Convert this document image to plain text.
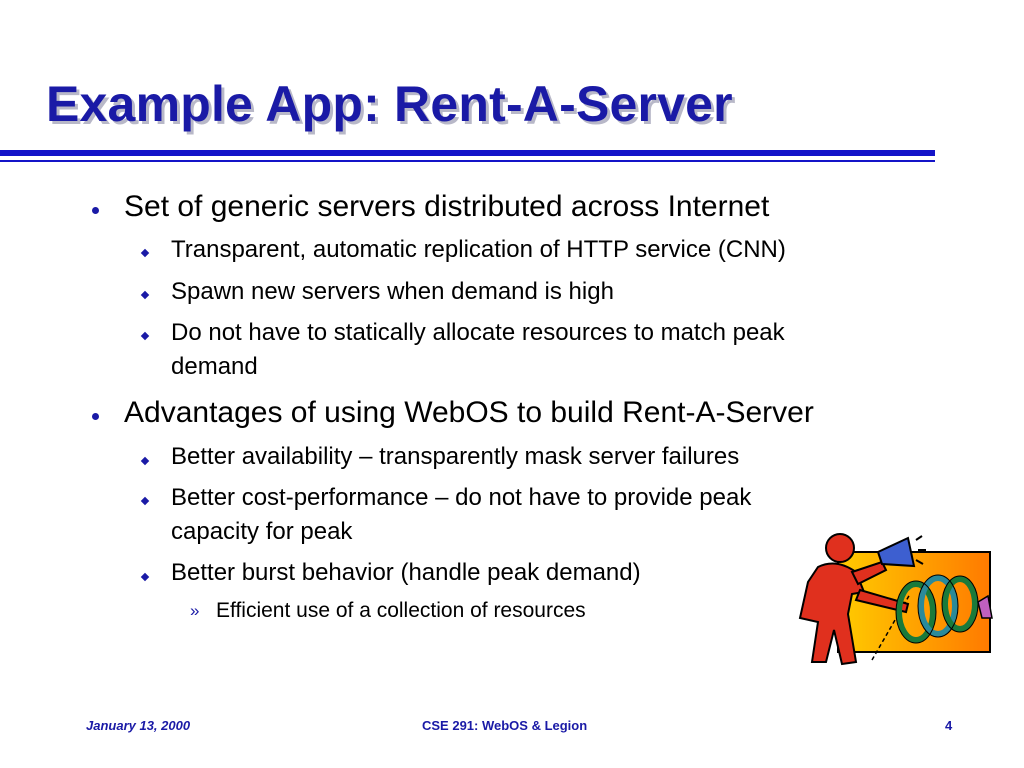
Example App: Rent-A-Server
Set of generic servers distributed across Internet
Transparent, automatic replication of HTTP service (CNN)
Spawn new servers when demand is high
Do not have to statically allocate resources to match peak
demand
Advantages of using WebOS to build Rent-A-Server
Better availability – transparently mask server failures
Better cost-performance – do not have to provide peak
capacity for peak
Better burst behavior (handle peak demand)
» Efficient use of a collection of resources
January 13, 2000	CSE 291: WebOS & Legion	4
